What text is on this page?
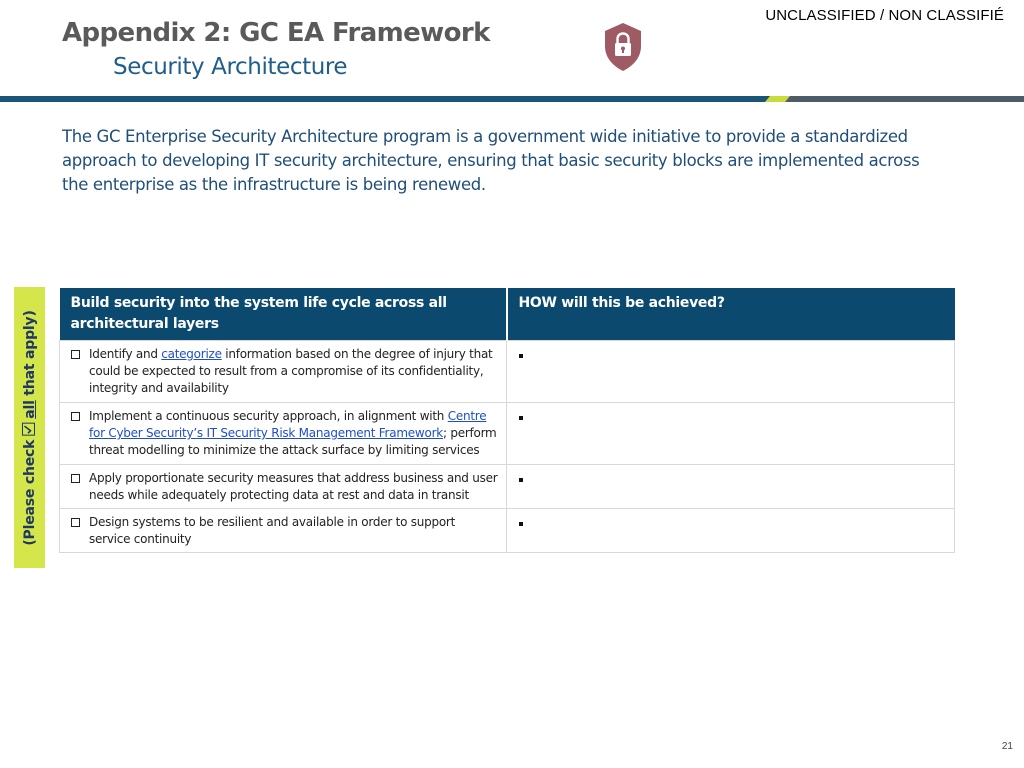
UNCLASSIFIED / NON CLASSIFIÉ
Appendix 2: GC EA Framework
Security Architecture

The GC Enterprise Security Architecture program is a government wide initiative to provide a standardized approach to developing IT security architecture, ensuring that basic security blocks are implemented across the enterprise as the infrastructure is being renewed.

(Please check
all that apply)
Build security into the system life cycle across all architectural layers	HOW will this be achieved?

Identify and categorize information based on the degree of injury that could be expected to result from a compromise of its confidentiality, integrity and availability	

Implement a continuous security approach, in alignment with Centre for Cyber Security’s IT Security Risk Management Framework; perform threat modelling to minimize the attack surface by limiting services	

Apply proportionate security measures that address business and user needs while adequately protecting data at rest and data in transit	

Design systems to be resilient and available in order to support service continuity	

21
